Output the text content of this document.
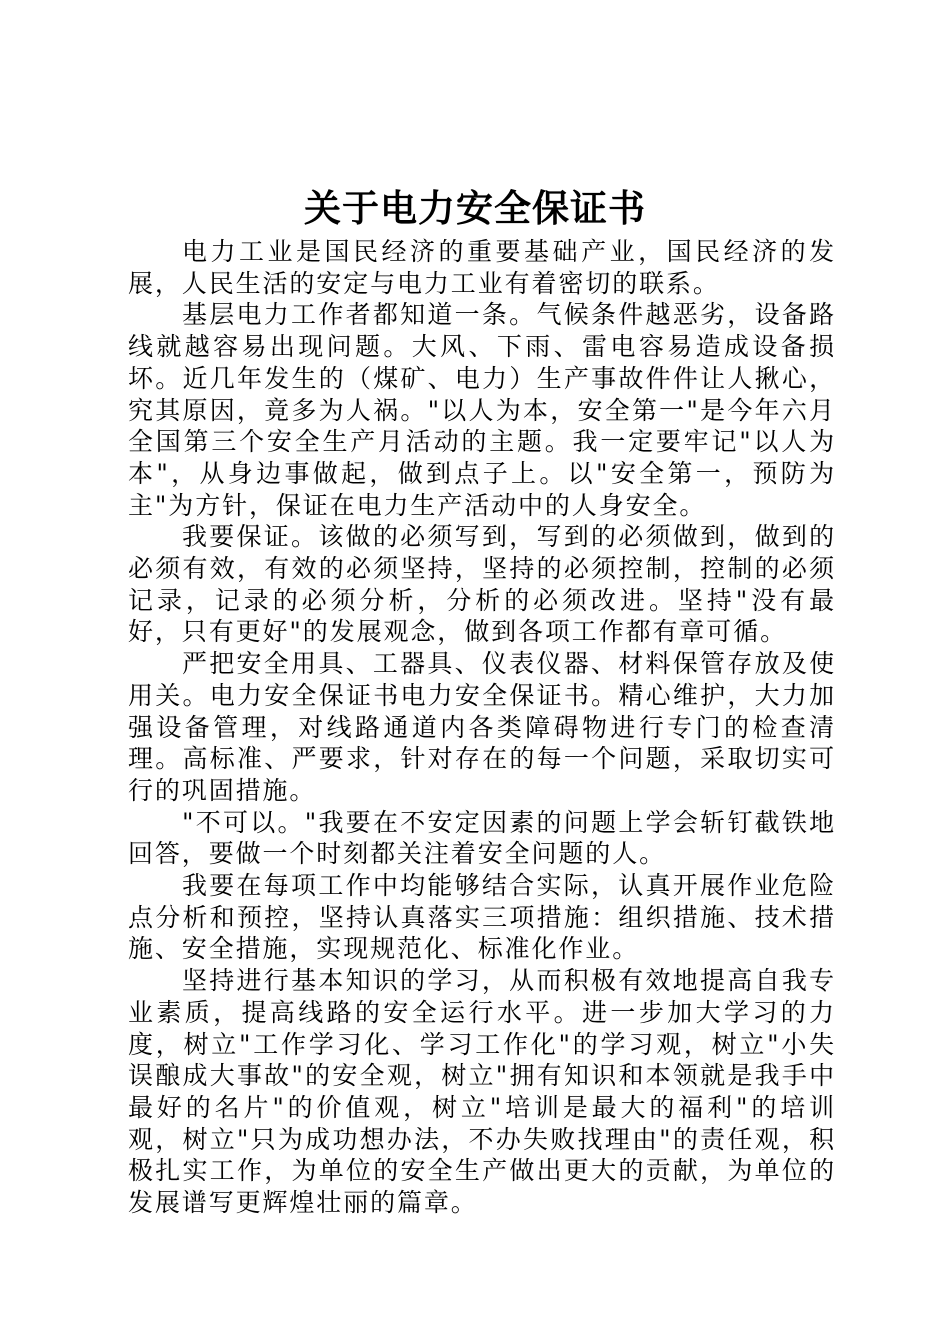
关于电力安全保证书

电力工业是国民经济的重要基础产业，国民经济的发展，人民生活的安定与电力工业有着密切的联系。

基层电力工作者都知道一条。气候条件越恶劣，设备路线就越容易出现问题。大风、下雨、雷电容易造成设备损坏。近几年发生的（煤矿、电力）生产事故件件让人揪心，究其原因，竟多为人祸。"以人为本，安全第一"是今年六月全国第三个安全生产月活动的主题。我一定要牢记"以人为本"，从身边事做起，做到点子上。以"安全第一，预防为主"为方针，保证在电力生产活动中的人身安全。

我要保证。该做的必须写到，写到的必须做到，做到的必须有效，有效的必须坚持，坚持的必须控制，控制的必须记录，记录的必须分析，分析的必须改进。坚持"没有最好，只有更好"的发展观念，做到各项工作都有章可循。

严把安全用具、工器具、仪表仪器、材料保管存放及使用关。电力安全保证书电力安全保证书。精心维护，大力加强设备管理，对线路通道内各类障碍物进行专门的检查清理。高标准、严要求，针对存在的每一个问题，采取切实可行的巩固措施。

"不可以。"我要在不安定因素的问题上学会斩钉截铁地回答，要做一个时刻都关注着安全问题的人。

我要在每项工作中均能够结合实际，认真开展作业危险点分析和预控，坚持认真落实三项措施：组织措施、技术措施、安全措施，实现规范化、标准化作业。

坚持进行基本知识的学习，从而积极有效地提高自我专业素质，提高线路的安全运行水平。进一步加大学习的力度，树立"工作学习化、学习工作化"的学习观，树立"小失误酿成大事故"的安全观，树立"拥有知识和本领就是我手中最好的名片"的价值观，树立"培训是最大的福利"的培训观，树立"只为成功想办法，不办失败找理由"的责任观，积极扎实工作，为单位的安全生产做出更大的贡献，为单位的发展谱写更辉煌壮丽的篇章。
